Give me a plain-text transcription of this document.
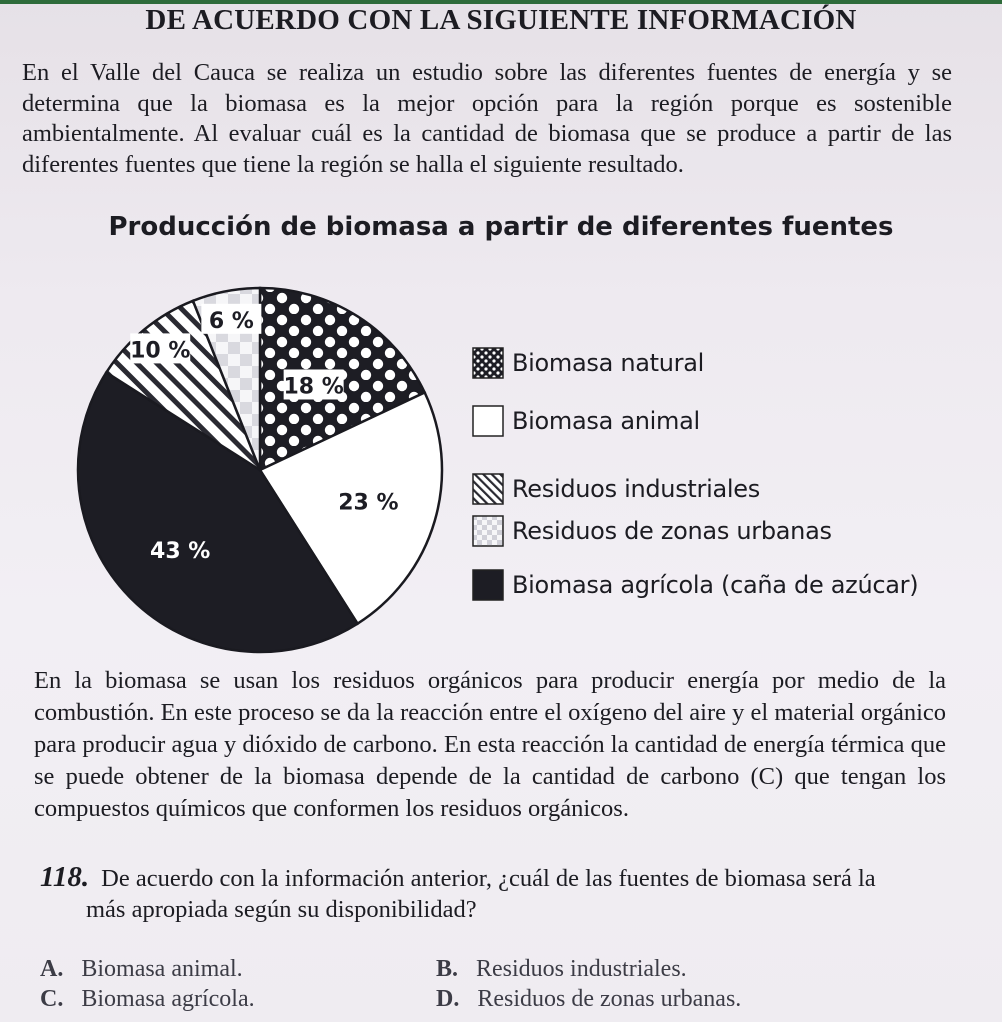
DE ACUERDO CON LA SIGUIENTE INFORMACIÓN
En el Valle del Cauca se realiza un estudio sobre las diferentes fuentes de energía y se determina que la biomasa es la mejor opción para la región porque es sostenible ambientalmente. Al evaluar cuál es la cantidad de biomasa que se produce a partir de las diferentes fuentes que tiene la región se halla el siguiente resultado.
Producción de biomasa a partir de diferentes fuentes
18 %
23 %
43 %
10 %
6 %
Biomasa natural
Biomasa animal
Residuos industriales
Residuos de zonas urbanas
Biomasa agrícola (caña de azúcar)
En la biomasa se usan los residuos orgánicos para producir energía por medio de la combustión. En este proceso se da la reacción entre el oxígeno del aire y el material orgánico para producir agua y dióxido de carbono. En esta reacción la cantidad de energía térmica que se puede obtener de la biomasa depende de la cantidad de carbono (C) que tengan los compuestos químicos que conformen los residuos orgánicos.
118. De acuerdo con la información anterior, ¿cuál de las fuentes de biomasa será la
más apropiada según su disponibilidad?
A. Biomasa animal.	B. Residuos industriales.
C. Biomasa agrícola.	D. Residuos de zonas urbanas.
